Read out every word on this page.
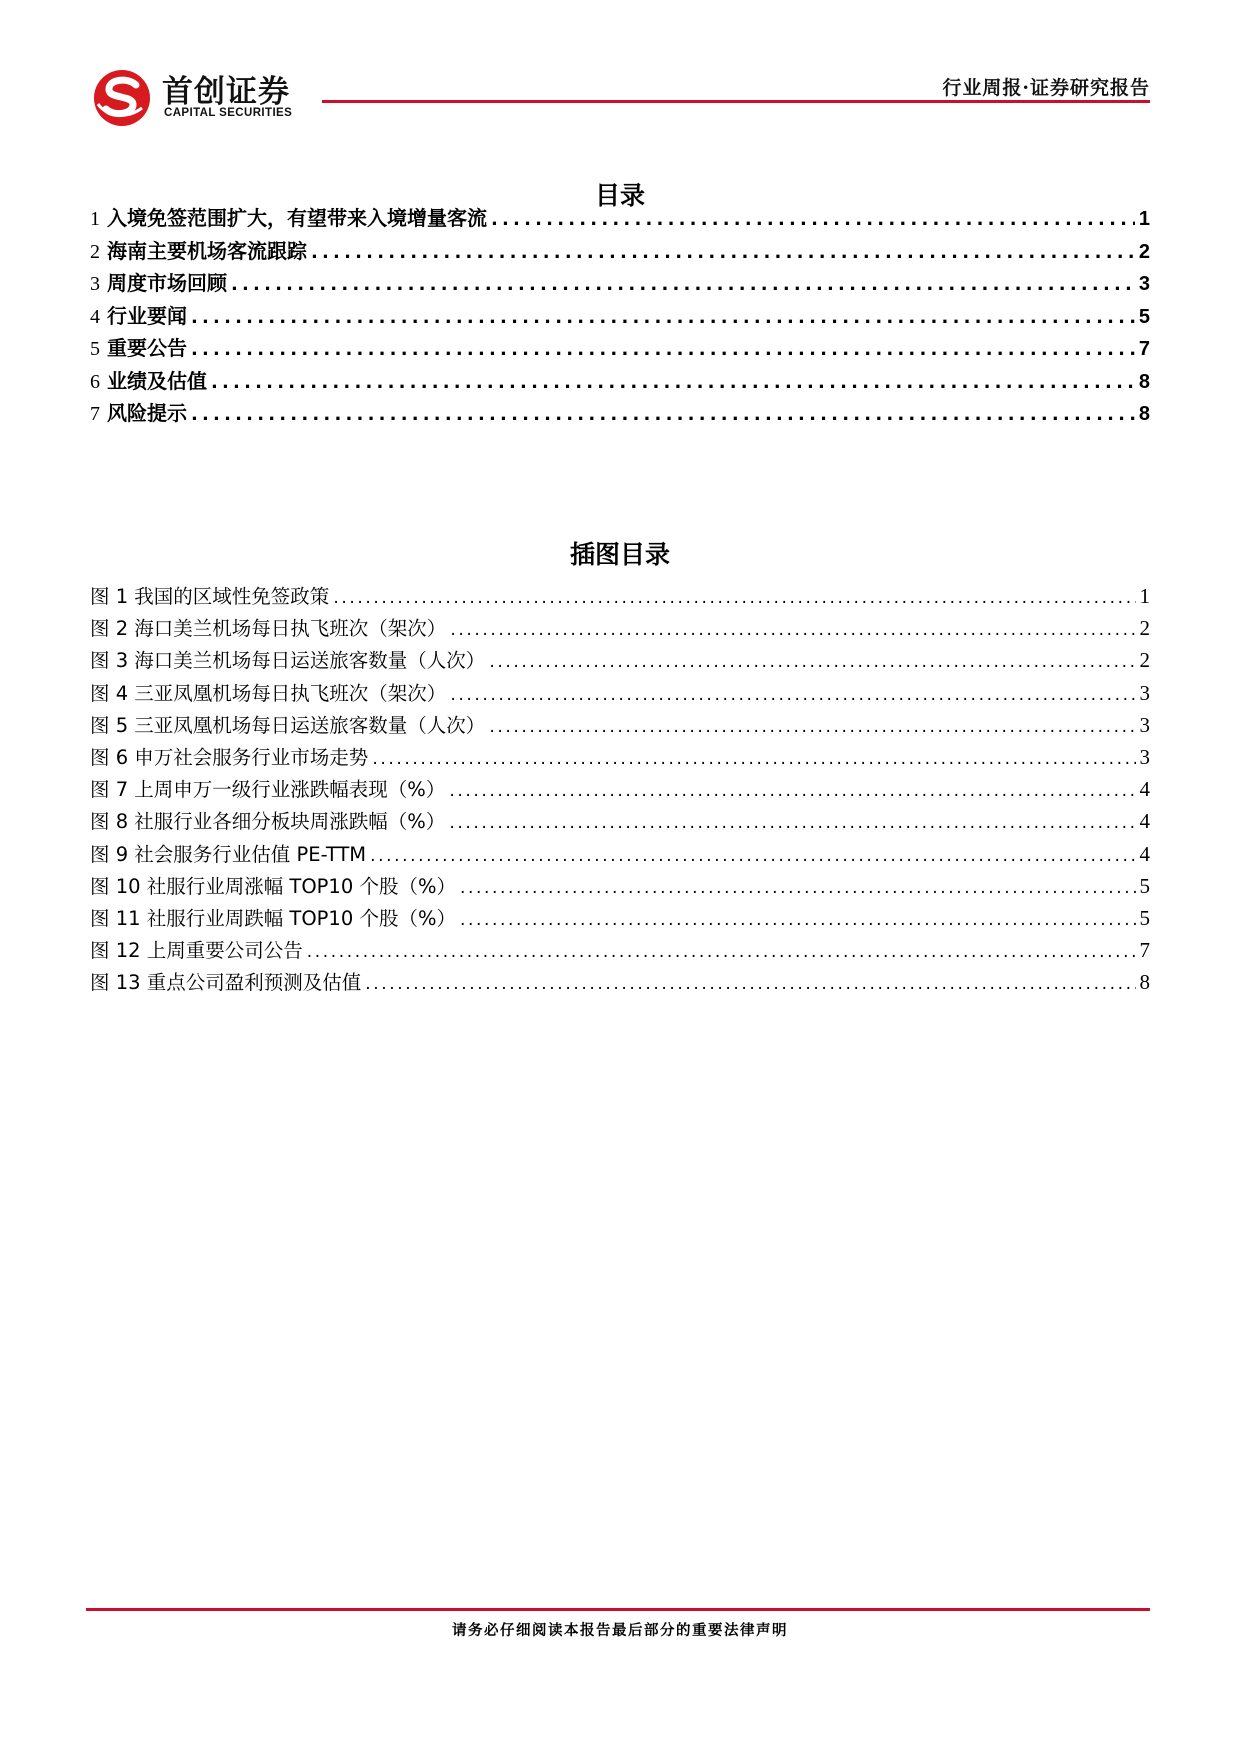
首创证券
CAPITAL SECURITIES
行业周报·证券研究报告
目录
1 入境免签范围扩大，有望带来入境增量客流 .....	1
2 海南主要机场客流跟踪 .....	2
3 周度市场回顾 .....	3
4 行业要闻 .....	5
5 重要公告 .....	7
6 业绩及估值 .....	8
7 风险提示 .....	8
插图目录
图 1 我国的区域性免签政策 .....	1
图 2 海口美兰机场每日执飞班次（架次） .....	2
图 3 海口美兰机场每日运送旅客数量（人次） .....	2
图 4 三亚凤凰机场每日执飞班次（架次） .....	3
图 5 三亚凤凰机场每日运送旅客数量（人次） .....	3
图 6 申万社会服务行业市场走势 .....	3
图 7 上周申万一级行业涨跌幅表现（%） .....	4
图 8 社服行业各细分板块周涨跌幅（%） .....	4
图 9 社会服务行业估值 PE-TTM .....	4
图 10 社服行业周涨幅 TOP10 个股（%） .....	5
图 11 社服行业周跌幅 TOP10 个股（%） .....	5
图 12 上周重要公司公告 .....	7
图 13 重点公司盈利预测及估值 .....	8
请务必仔细阅读本报告最后部分的重要法律声明
